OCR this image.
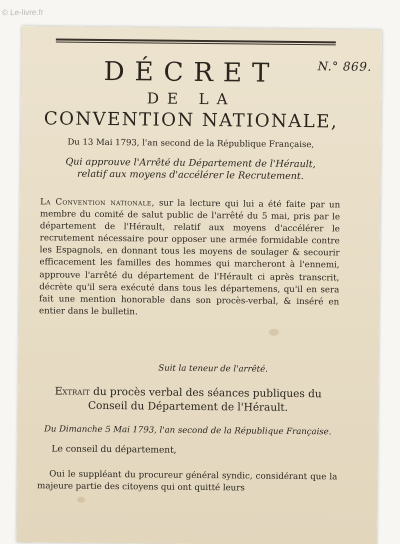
N.° 869.
DÉCRET
DE LA
CONVENTION NATIONALE,
Du 13 Mai 1793, l'an second de la République Française,
Qui approuve l'Arrêté du Département de l'Hérault,
relatif aux moyens d'accélérer le Recrutement.
La Convention nationale, sur la lecture qui lui a été faite par un membre du comité de salut public de l'arrêté du 5 mai, pris par le département de l'Hérault, relatif aux moyens d'accélérer le recrutement nécessaire pour opposer une armée formidable contre les Espagnols, en donnant tous les moyens de soulager & secourir efficacement les familles des hommes qui marcheront à l'ennemi, approuve l'arrêté du département de l'Hérault ci après transcrit, décrète qu'il sera exécuté dans tous les départemens, qu'il en sera fait une mention honorable dans son procès-verbal, & inséré en entier dans le bulletin.
Suit la teneur de l'arrêté.
Extrait du procès verbal des séances publiques du
Conseil du Département de l'Hérault.
Du Dimanche 5 Mai 1793, l'an second de la République Française.
Le conseil du département,
Oui le suppléant du procureur général syndic, considérant que la majeure partie des citoyens qui ont quitté leurs
© Le-livre.fr
